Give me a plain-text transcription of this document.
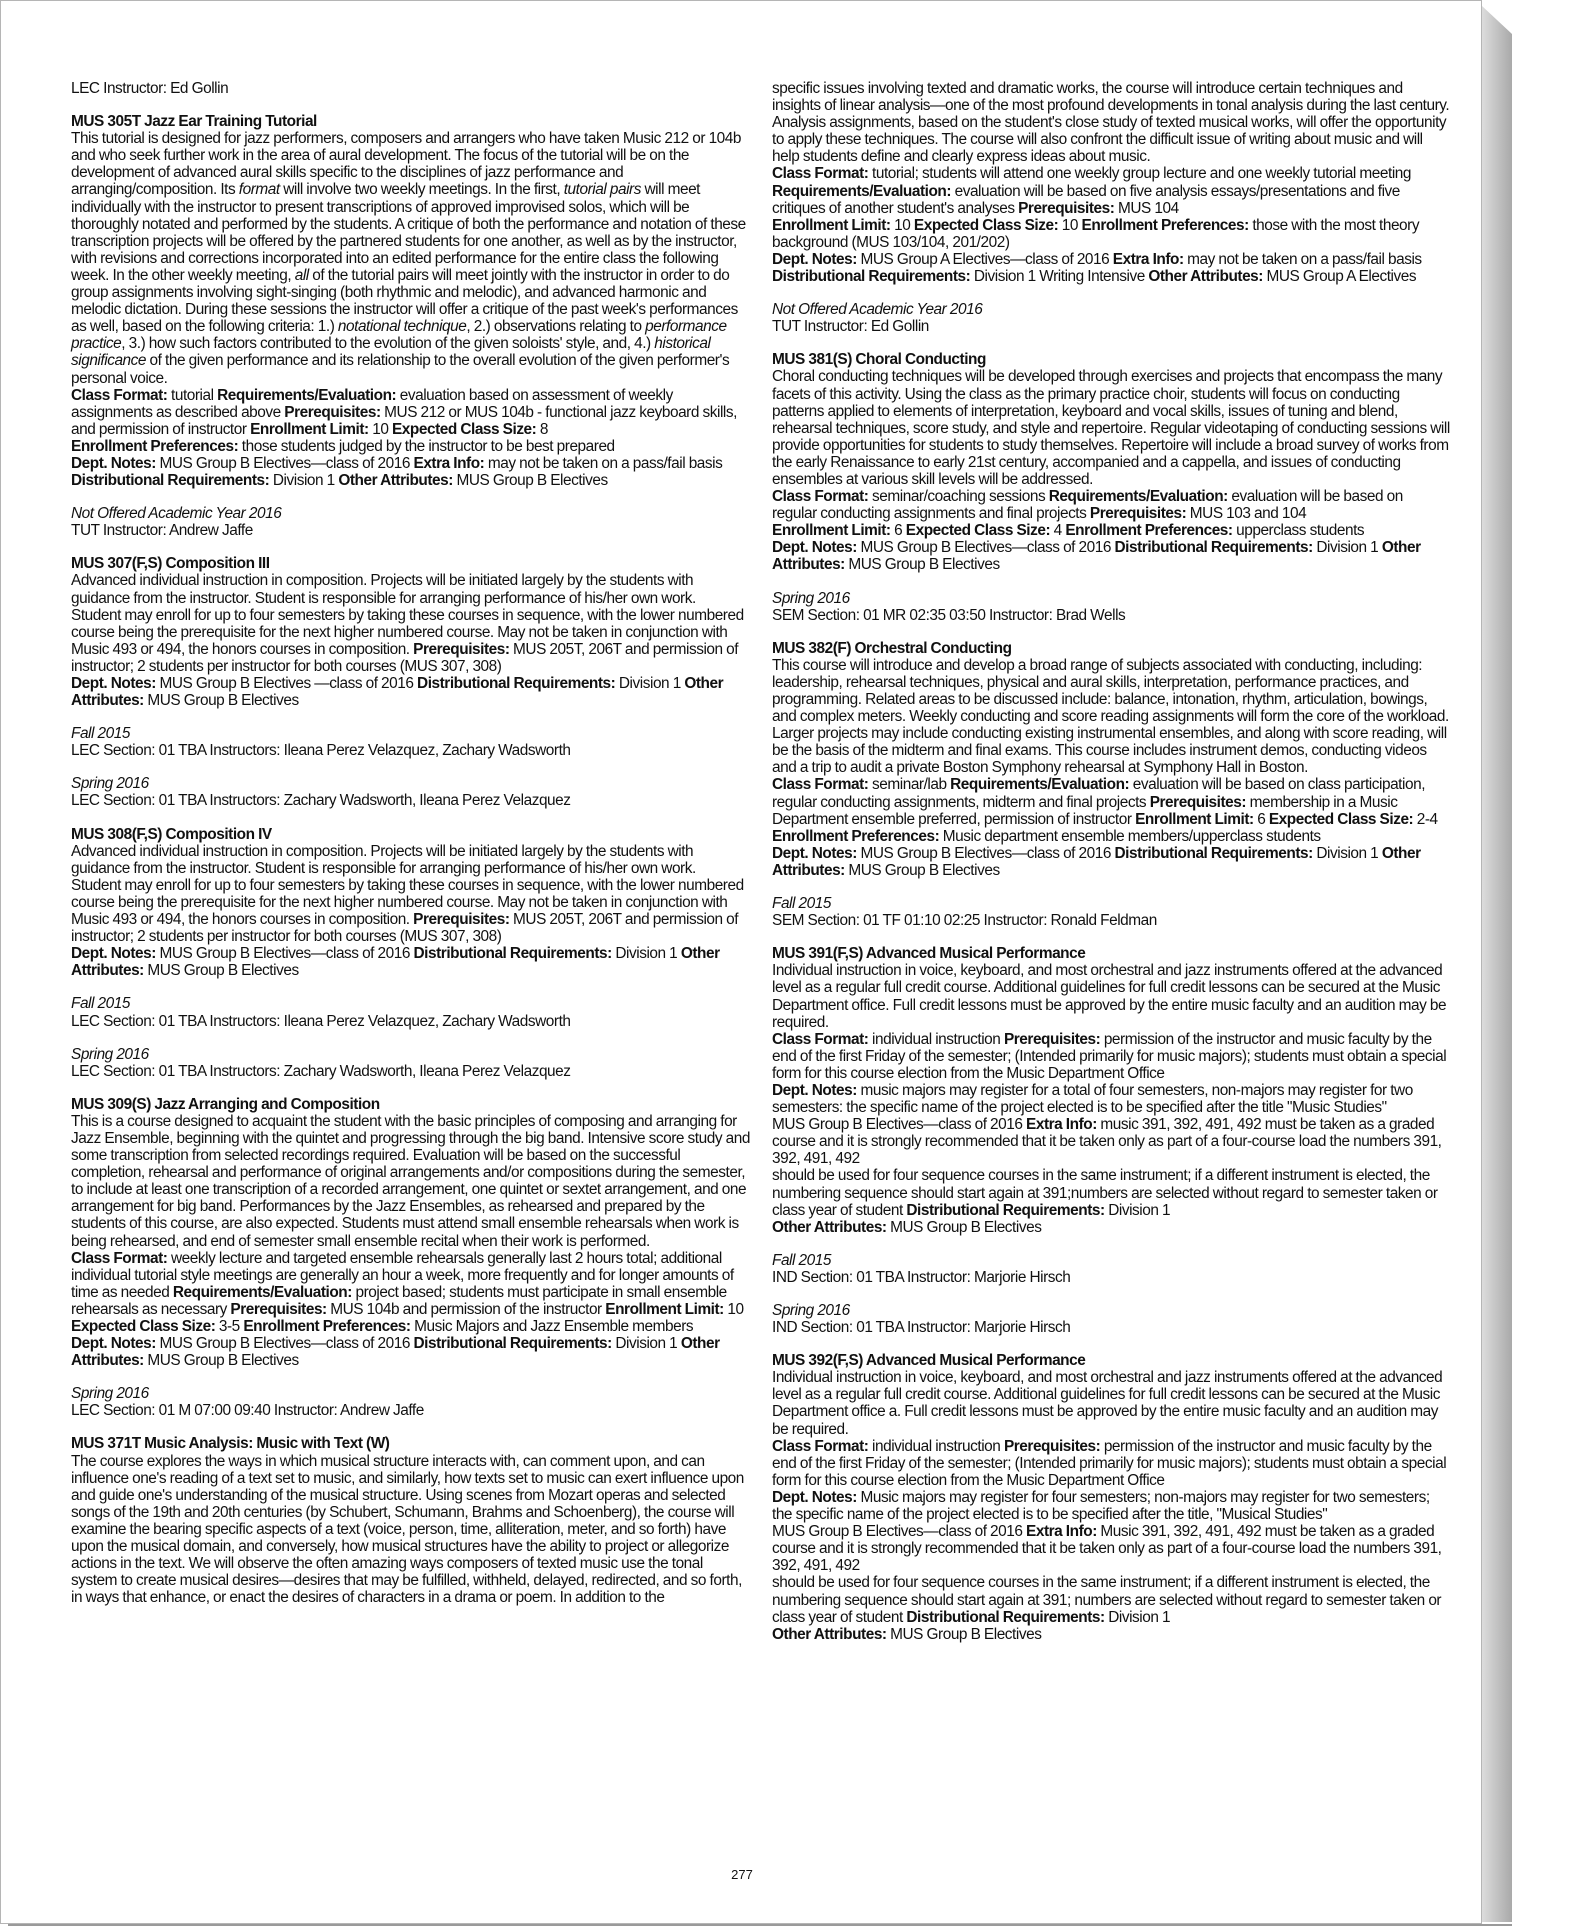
LEC Instructor: Ed Gollin
MUS 305T Jazz Ear Training Tutorial
This tutorial is designed for jazz performers, composers and arrangers who have taken Music 212 or 104b and who seek further work in the area of aural development. The focus of the tutorial will be on the development of advanced aural skills specific to the disciplines of jazz performance and arranging/composition. Its format will involve two weekly meetings. In the first, tutorial pairs will meet individually with the instructor to present transcriptions of approved improvised solos, which will be thoroughly notated and performed by the students. A critique of both the performance and notation of these transcription projects will be offered by the partnered students for one another, as well as by the instructor, with revisions and corrections incorporated into an edited performance for the entire class the following week. In the other weekly meeting, all of the tutorial pairs will meet jointly with the instructor in order to do group assignments involving sight-singing (both rhythmic and melodic), and advanced harmonic and melodic dictation. During these sessions the instructor will offer a critique of the past week's performances as well, based on the following criteria: 1.) notational technique, 2.) observations relating to performance practice, 3.) how such factors contributed to the evolution of the given soloists' style, and, 4.) historical significance of the given performance and its relationship to the overall evolution of the given performer's personal voice.
Class Format: tutorial Requirements/Evaluation: evaluation based on assessment of weekly assignments as described above Prerequisites: MUS 212 or MUS 104b - functional jazz keyboard skills, and permission of instructor Enrollment Limit: 10 Expected Class Size: 8
Enrollment Preferences: those students judged by the instructor to be best prepared
Dept. Notes: MUS Group B Electives—class of 2016 Extra Info: may not be taken on a pass/fail basis Distributional Requirements: Division 1 Other Attributes: MUS Group B Electives
Not Offered Academic Year 2016
TUT Instructor: Andrew Jaffe
MUS 307(F,S) Composition III
Advanced individual instruction in composition. Projects will be initiated largely by the students with guidance from the instructor. Student is responsible for arranging performance of his/her own work.
Student may enroll for up to four semesters by taking these courses in sequence, with the lower numbered course being the prerequisite for the next higher numbered course. May not be taken in conjunction with Music 493 or 494, the honors courses in composition. Prerequisites: MUS 205T, 206T and permission of instructor; 2 students per instructor for both courses (MUS 307, 308)
Dept. Notes: MUS Group B Electives —class of 2016 Distributional Requirements: Division 1 Other Attributes: MUS Group B Electives
Fall 2015
LEC Section: 01 TBA Instructors: Ileana Perez Velazquez, Zachary Wadsworth
Spring 2016
LEC Section: 01 TBA Instructors: Zachary Wadsworth, Ileana Perez Velazquez
MUS 308(F,S) Composition IV
Advanced individual instruction in composition. Projects will be initiated largely by the students with guidance from the instructor. Student is responsible for arranging performance of his/her own work.
Student may enroll for up to four semesters by taking these courses in sequence, with the lower numbered course being the prerequisite for the next higher numbered course. May not be taken in conjunction with Music 493 or 494, the honors courses in composition. Prerequisites: MUS 205T, 206T and permission of instructor; 2 students per instructor for both courses (MUS 307, 308)
Dept. Notes: MUS Group B Electives—class of 2016 Distributional Requirements: Division 1 Other Attributes: MUS Group B Electives
Fall 2015
LEC Section: 01 TBA Instructors: Ileana Perez Velazquez, Zachary Wadsworth
Spring 2016
LEC Section: 01 TBA Instructors: Zachary Wadsworth, Ileana Perez Velazquez
MUS 309(S) Jazz Arranging and Composition
This is a course designed to acquaint the student with the basic principles of composing and arranging for Jazz Ensemble, beginning with the quintet and progressing through the big band. Intensive score study and some transcription from selected recordings required. Evaluation will be based on the successful completion, rehearsal and performance of original arrangements and/or compositions during the semester, to include at least one transcription of a recorded arrangement, one quintet or sextet arrangement, and one arrangement for big band. Performances by the Jazz Ensembles, as rehearsed and prepared by the students of this course, are also expected. Students must attend small ensemble rehearsals when work is being rehearsed, and end of semester small ensemble recital when their work is performed.
Class Format: weekly lecture and targeted ensemble rehearsals generally last 2 hours total; additional individual tutorial style meetings are generally an hour a week, more frequently and for longer amounts of time as needed Requirements/Evaluation: project based; students must participate in small ensemble rehearsals as necessary Prerequisites: MUS 104b and permission of the instructor Enrollment Limit: 10 Expected Class Size: 3-5 Enrollment Preferences: Music Majors and Jazz Ensemble members
Dept. Notes: MUS Group B Electives—class of 2016 Distributional Requirements: Division 1 Other Attributes: MUS Group B Electives
Spring 2016
LEC Section: 01 M 07:00 09:40 Instructor: Andrew Jaffe
MUS 371T Music Analysis: Music with Text (W)
The course explores the ways in which musical structure interacts with, can comment upon, and can influence one's reading of a text set to music, and similarly, how texts set to music can exert influence upon and guide one's understanding of the musical structure. Using scenes from Mozart operas and selected songs of the 19th and 20th centuries (by Schubert, Schumann, Brahms and Schoenberg), the course will examine the bearing specific aspects of a text (voice, person, time, alliteration, meter, and so forth) have upon the musical domain, and conversely, how musical structures have the ability to project or allegorize actions in the text. We will observe the often amazing ways composers of texted music use the tonal system to create musical desires—desires that may be fulfilled, withheld, delayed, redirected, and so forth, in ways that enhance, or enact the desires of characters in a drama or poem. In addition to the
specific issues involving texted and dramatic works, the course will introduce certain techniques and insights of linear analysis—one of the most profound developments in tonal analysis during the last century. Analysis assignments, based on the student's close study of texted musical works, will offer the opportunity to apply these techniques. The course will also confront the difficult issue of writing about music and will help students define and clearly express ideas about music.
Class Format: tutorial; students will attend one weekly group lecture and one weekly tutorial meeting Requirements/Evaluation: evaluation will be based on five analysis essays/presentations and five critiques of another student's analyses Prerequisites: MUS 104
Enrollment Limit: 10 Expected Class Size: 10 Enrollment Preferences: those with the most theory background (MUS 103/104, 201/202)
Dept. Notes: MUS Group A Electives—class of 2016 Extra Info: may not be taken on a pass/fail basis Distributional Requirements: Division 1 Writing Intensive Other Attributes: MUS Group A Electives
Not Offered Academic Year 2016
TUT Instructor: Ed Gollin
MUS 381(S) Choral Conducting
Choral conducting techniques will be developed through exercises and projects that encompass the many facets of this activity. Using the class as the primary practice choir, students will focus on conducting patterns applied to elements of interpretation, keyboard and vocal skills, issues of tuning and blend, rehearsal techniques, score study, and style and repertoire. Regular videotaping of conducting sessions will provide opportunities for students to study themselves. Repertoire will include a broad survey of works from the early Renaissance to early 21st century, accompanied and a cappella, and issues of conducting ensembles at various skill levels will be addressed.
Class Format: seminar/coaching sessions Requirements/Evaluation: evaluation will be based on regular conducting assignments and final projects Prerequisites: MUS 103 and 104
Enrollment Limit: 6 Expected Class Size: 4 Enrollment Preferences: upperclass students
Dept. Notes: MUS Group B Electives—class of 2016 Distributional Requirements: Division 1 Other Attributes: MUS Group B Electives
Spring 2016
SEM Section: 01 MR 02:35 03:50 Instructor: Brad Wells
MUS 382(F) Orchestral Conducting
This course will introduce and develop a broad range of subjects associated with conducting, including: leadership, rehearsal techniques, physical and aural skills, interpretation, performance practices, and programming. Related areas to be discussed include: balance, intonation, rhythm, articulation, bowings, and complex meters. Weekly conducting and score reading assignments will form the core of the workload. Larger projects may include conducting existing instrumental ensembles, and along with score reading, will be the basis of the midterm and final exams. This course includes instrument demos, conducting videos and a trip to audit a private Boston Symphony rehearsal at Symphony Hall in Boston.
Class Format: seminar/lab Requirements/Evaluation: evaluation will be based on class participation, regular conducting assignments, midterm and final projects Prerequisites: membership in a Music Department ensemble preferred, permission of instructor Enrollment Limit: 6 Expected Class Size: 2-4 Enrollment Preferences: Music department ensemble members/upperclass students
Dept. Notes: MUS Group B Electives—class of 2016 Distributional Requirements: Division 1 Other Attributes: MUS Group B Electives
Fall 2015
SEM Section: 01 TF 01:10 02:25 Instructor: Ronald Feldman
MUS 391(F,S) Advanced Musical Performance
Individual instruction in voice, keyboard, and most orchestral and jazz instruments offered at the advanced level as a regular full credit course. Additional guidelines for full credit lessons can be secured at the Music Department office. Full credit lessons must be approved by the entire music faculty and an audition may be required.
Class Format: individual instruction Prerequisites: permission of the instructor and music faculty by the end of the first Friday of the semester; (Intended primarily for music majors); students must obtain a special form for this course election from the Music Department Office
Dept. Notes: music majors may register for a total of four semesters, non-majors may register for two semesters: the specific name of the project elected is to be specified after the title "Music Studies"
MUS Group B Electives—class of 2016 Extra Info: music 391, 392, 491, 492 must be taken as a graded course and it is strongly recommended that it be taken only as part of a four-course load the numbers 391, 392, 491, 492
should be used for four sequence courses in the same instrument; if a different instrument is elected, the numbering sequence should start again at 391;numbers are selected without regard to semester taken or class year of student Distributional Requirements: Division 1
Other Attributes: MUS Group B Electives
Fall 2015
IND Section: 01 TBA Instructor: Marjorie Hirsch
Spring 2016
IND Section: 01 TBA Instructor: Marjorie Hirsch
MUS 392(F,S) Advanced Musical Performance
Individual instruction in voice, keyboard, and most orchestral and jazz instruments offered at the advanced level as a regular full credit course. Additional guidelines for full credit lessons can be secured at the Music Department office a. Full credit lessons must be approved by the entire music faculty and an audition may be required.
Class Format: individual instruction Prerequisites: permission of the instructor and music faculty by the end of the first Friday of the semester; (Intended primarily for music majors); students must obtain a special form for this course election from the Music Department Office
Dept. Notes: Music majors may register for four semesters; non-majors may register for two semesters; the specific name of the project elected is to be specified after the title, "Musical Studies"
MUS Group B Electives—class of 2016 Extra Info: Music 391, 392, 491, 492 must be taken as a graded course and it is strongly recommended that it be taken only as part of a four-course load the numbers 391, 392, 491, 492
should be used for four sequence courses in the same instrument; if a different instrument is elected, the numbering sequence should start again at 391; numbers are selected without regard to semester taken or class year of student Distributional Requirements: Division 1
Other Attributes: MUS Group B Electives
277
